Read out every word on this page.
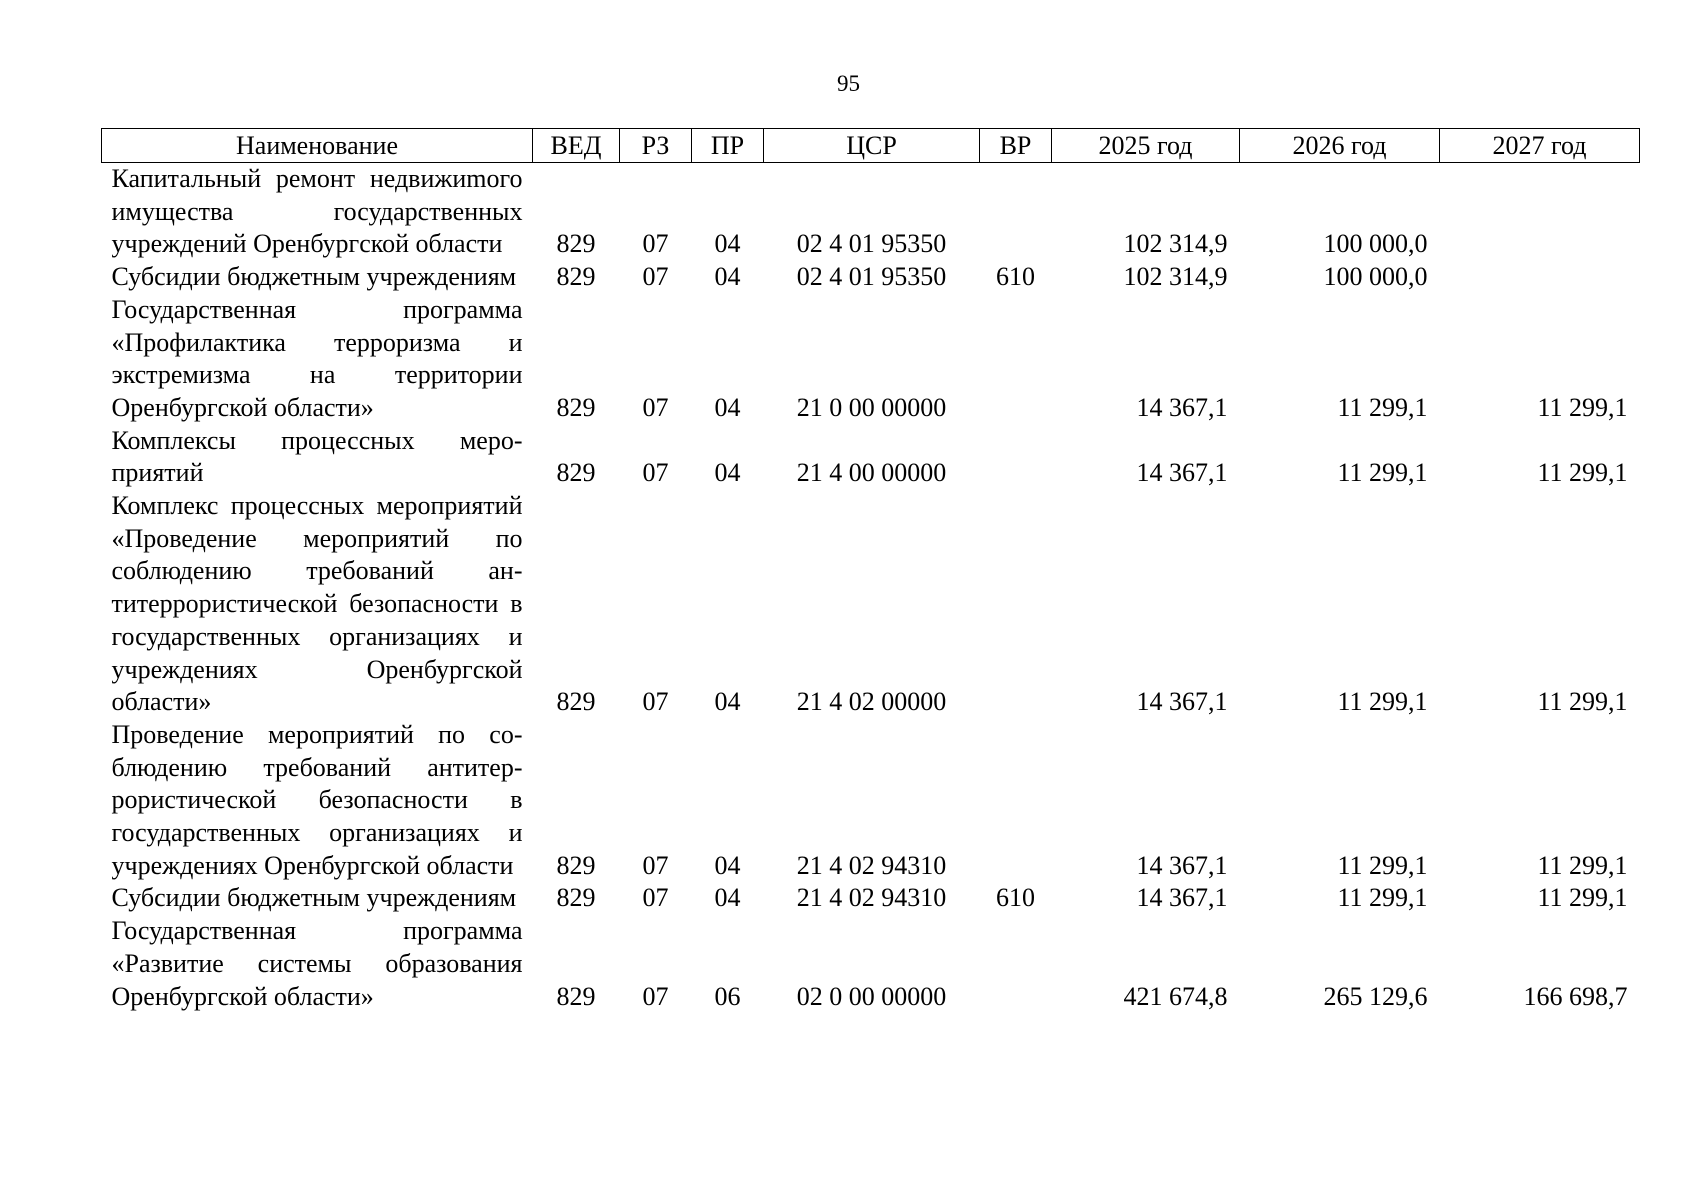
95
Наименование	ВЕД	РЗ	ПР	ЦСР	ВР	2025 год	2026 год	2027 год
Капитальный ремонт недвижиmого имущества государственных учреждений Оренбургской области	829	07	04	02 4 01 95350		102 314,9	100 000,0	
Субсидии бюджетным учреждениям	829	07	04	02 4 01 95350	610	102 314,9	100 000,0	
Государственная программа «Профилактика терроризма и экстремизма на территории Оренбургской области»	829	07	04	21 0 00 00000		14 367,1	11 299,1	11 299,1
Комплексы процессных мероприятий	829	07	04	21 4 00 00000		14 367,1	11 299,1	11 299,1
Комплекс процессных мероприятий «Проведение мероприятий по соблюдению требований антитеррористической безопасности в государственных организациях и учреждениях Оренбургской области»	829	07	04	21 4 02 00000		14 367,1	11 299,1	11 299,1
Проведение мероприятий по соблюдению требований антитеррористической безопасности в государственных организациях и учреждениях Оренбургской области	829	07	04	21 4 02 94310		14 367,1	11 299,1	11 299,1
Субсидии бюджетным учреждениям	829	07	04	21 4 02 94310	610	14 367,1	11 299,1	11 299,1
Государственная программа «Развитие системы образования Оренбургской области»	829	07	06	02 0 00 00000		421 674,8	265 129,6	166 698,7
